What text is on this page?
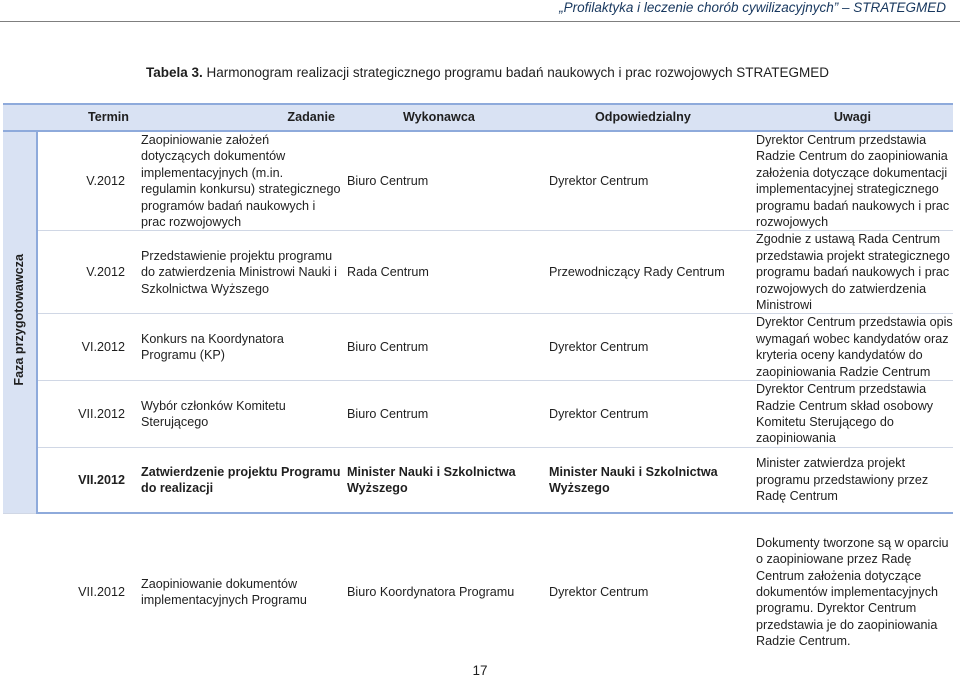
„Profilaktyka i leczenie chorób cywilizacyjnych” – STRATEGMED
Tabela 3. Harmonogram realizacji strategicznego programu badań naukowych i prac rozwojowych STRATEGMED
	Termin	Zadanie	Wykonawca	Odpowiedzialny	Uwagi
Faza przygotowawcza	V.2012	Zaopiniowanie założeń dotyczących dokumentów implementacyjnych (m.in. regulamin konkursu) strategicznego programów badań naukowych i prac rozwojowych	Biuro Centrum	Dyrektor Centrum	Dyrektor Centrum przedstawia Radzie Centrum do zaopiniowania założenia dotyczące dokumentacji implementacyjnej strategicznego programu badań naukowych i prac rozwojowych
	V.2012	Przedstawienie projektu programu do zatwierdzenia Ministrowi Nauki i Szkolnictwa Wyższego	Rada Centrum	Przewodniczący Rady Centrum	Zgodnie z ustawą Rada Centrum przedstawia projekt strategicznego programu badań naukowych i prac rozwojowych do zatwierdzenia Ministrowi
	VI.2012	Konkurs na Koordynatora Programu (KP)	Biuro Centrum	Dyrektor Centrum	Dyrektor Centrum przedstawia opis wymagań wobec kandydatów oraz kryteria oceny kandydatów do zaopiniowania Radzie Centrum
	VII.2012	Wybór członków Komitetu Sterującego	Biuro Centrum	Dyrektor Centrum	Dyrektor Centrum przedstawia Radzie Centrum skład osobowy Komitetu Sterującego do zaopiniowania
	VII.2012	Zatwierdzenie projektu Programu do realizacji	Minister Nauki i Szkolnictwa Wyższego	Minister Nauki i Szkolnictwa Wyższego	Minister zatwierdza projekt programu przedstawiony przez Radę Centrum

	VII.2012	Zaopiniowanie dokumentów implementacyjnych Programu	Biuro Koordynatora Programu	Dyrektor Centrum	Dokumenty tworzone są w oparciu o zaopiniowane przez Radę Centrum założenia dotyczące dokumentów implementacyjnych programu. Dyrektor Centrum przedstawia je do zaopiniowania Radzie Centrum.
17
